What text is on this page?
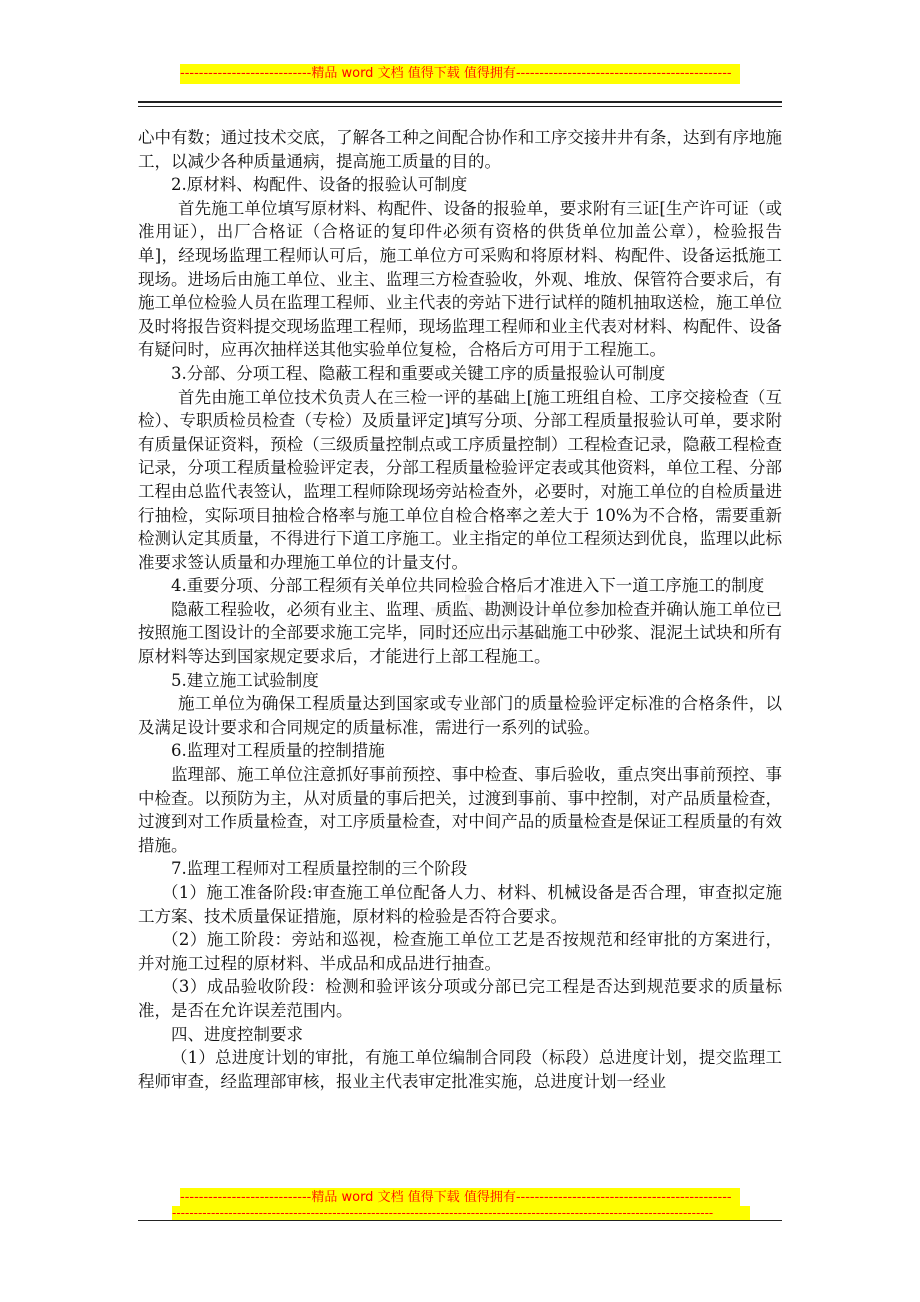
----------------------------精品 word 文档 值得下载 值得拥有----------------------------------------------
zixin

心中有数；通过技术交底，了解各工种之间配合协作和工序交接井井有条，达到有序地施工，以减少各种质量通病，提高施工质量的目的。

2.原材料、构配件、设备的报验认可制度

首先施工单位填写原材料、构配件、设备的报验单，要求附有三证[生产许可证（或准用证），出厂合格证（合格证的复印件必须有资格的供货单位加盖公章），检验报告单]，经现场监理工程师认可后，施工单位方可采购和将原材料、构配件、设备运抵施工现场。进场后由施工单位、业主、监理三方检查验收，外观、堆放、保管符合要求后，有施工单位检验人员在监理工程师、业主代表的旁站下进行试样的随机抽取送检，施工单位及时将报告资料提交现场监理工程师，现场监理工程师和业主代表对材料、构配件、设备有疑问时，应再次抽样送其他实验单位复检，合格后方可用于工程施工。

3.分部、分项工程、隐蔽工程和重要或关键工序的质量报验认可制度

首先由施工单位技术负责人在三检一评的基础上[施工班组自检、工序交接检查（互检）、专职质检员检查（专检）及质量评定]填写分项、分部工程质量报验认可单，要求附有质量保证资料，预检（三级质量控制点或工序质量控制）工程检查记录，隐蔽工程检查记录，分项工程质量检验评定表，分部工程质量检验评定表或其他资料，单位工程、分部工程由总监代表签认，监理工程师除现场旁站检查外，必要时，对施工单位的自检质量进行抽检，实际项目抽检合格率与施工单位自检合格率之差大于 10%为不合格，需要重新检测认定其质量，不得进行下道工序施工。业主指定的单位工程须达到优良，监理以此标准要求签认质量和办理施工单位的计量支付。

4.重要分项、分部工程须有关单位共同检验合格后才准进入下一道工序施工的制度

隐蔽工程验收，必须有业主、监理、质监、勘测设计单位参加检查并确认施工单位已按照施工图设计的全部要求施工完毕，同时还应出示基础施工中砂浆、混泥土试块和所有原材料等达到国家规定要求后，才能进行上部工程施工。

5.建立施工试验制度

施工单位为确保工程质量达到国家或专业部门的质量检验评定标准的合格条件，以及满足设计要求和合同规定的质量标准，需进行一系列的试验。

6.监理对工程质量的控制措施

监理部、施工单位注意抓好事前预控、事中检查、事后验收，重点突出事前预控、事中检查。以预防为主，从对质量的事后把关，过渡到事前、事中控制，对产品质量检查，过渡到对工作质量检查，对工序质量检查，对中间产品的质量检查是保证工程质量的有效措施。

7.监理工程师对工程质量控制的三个阶段

（1）施工准备阶段:审查施工单位配备人力、材料、机械设备是否合理，审查拟定施工方案、技术质量保证措施，原材料的检验是否符合要求。

（2）施工阶段：旁站和巡视，检查施工单位工艺是否按规范和经审批的方案进行，并对施工过程的原材料、半成品和成品进行抽查。

（3）成品验收阶段：检测和验评该分项或分部已完工程是否达到规范要求的质量标准，是否在允许误差范围内。

四、进度控制要求

（1）总进度计划的审批，有施工单位编制合同段（标段）总进度计划，提交监理工程师审查，经监理部审核，报业主代表审定批准实施，总进度计划一经业

----------------------------精品 word 文档 值得下载 值得拥有----------------------------------------------
-----------------------------------------------------------------------------------------------------------------------------
